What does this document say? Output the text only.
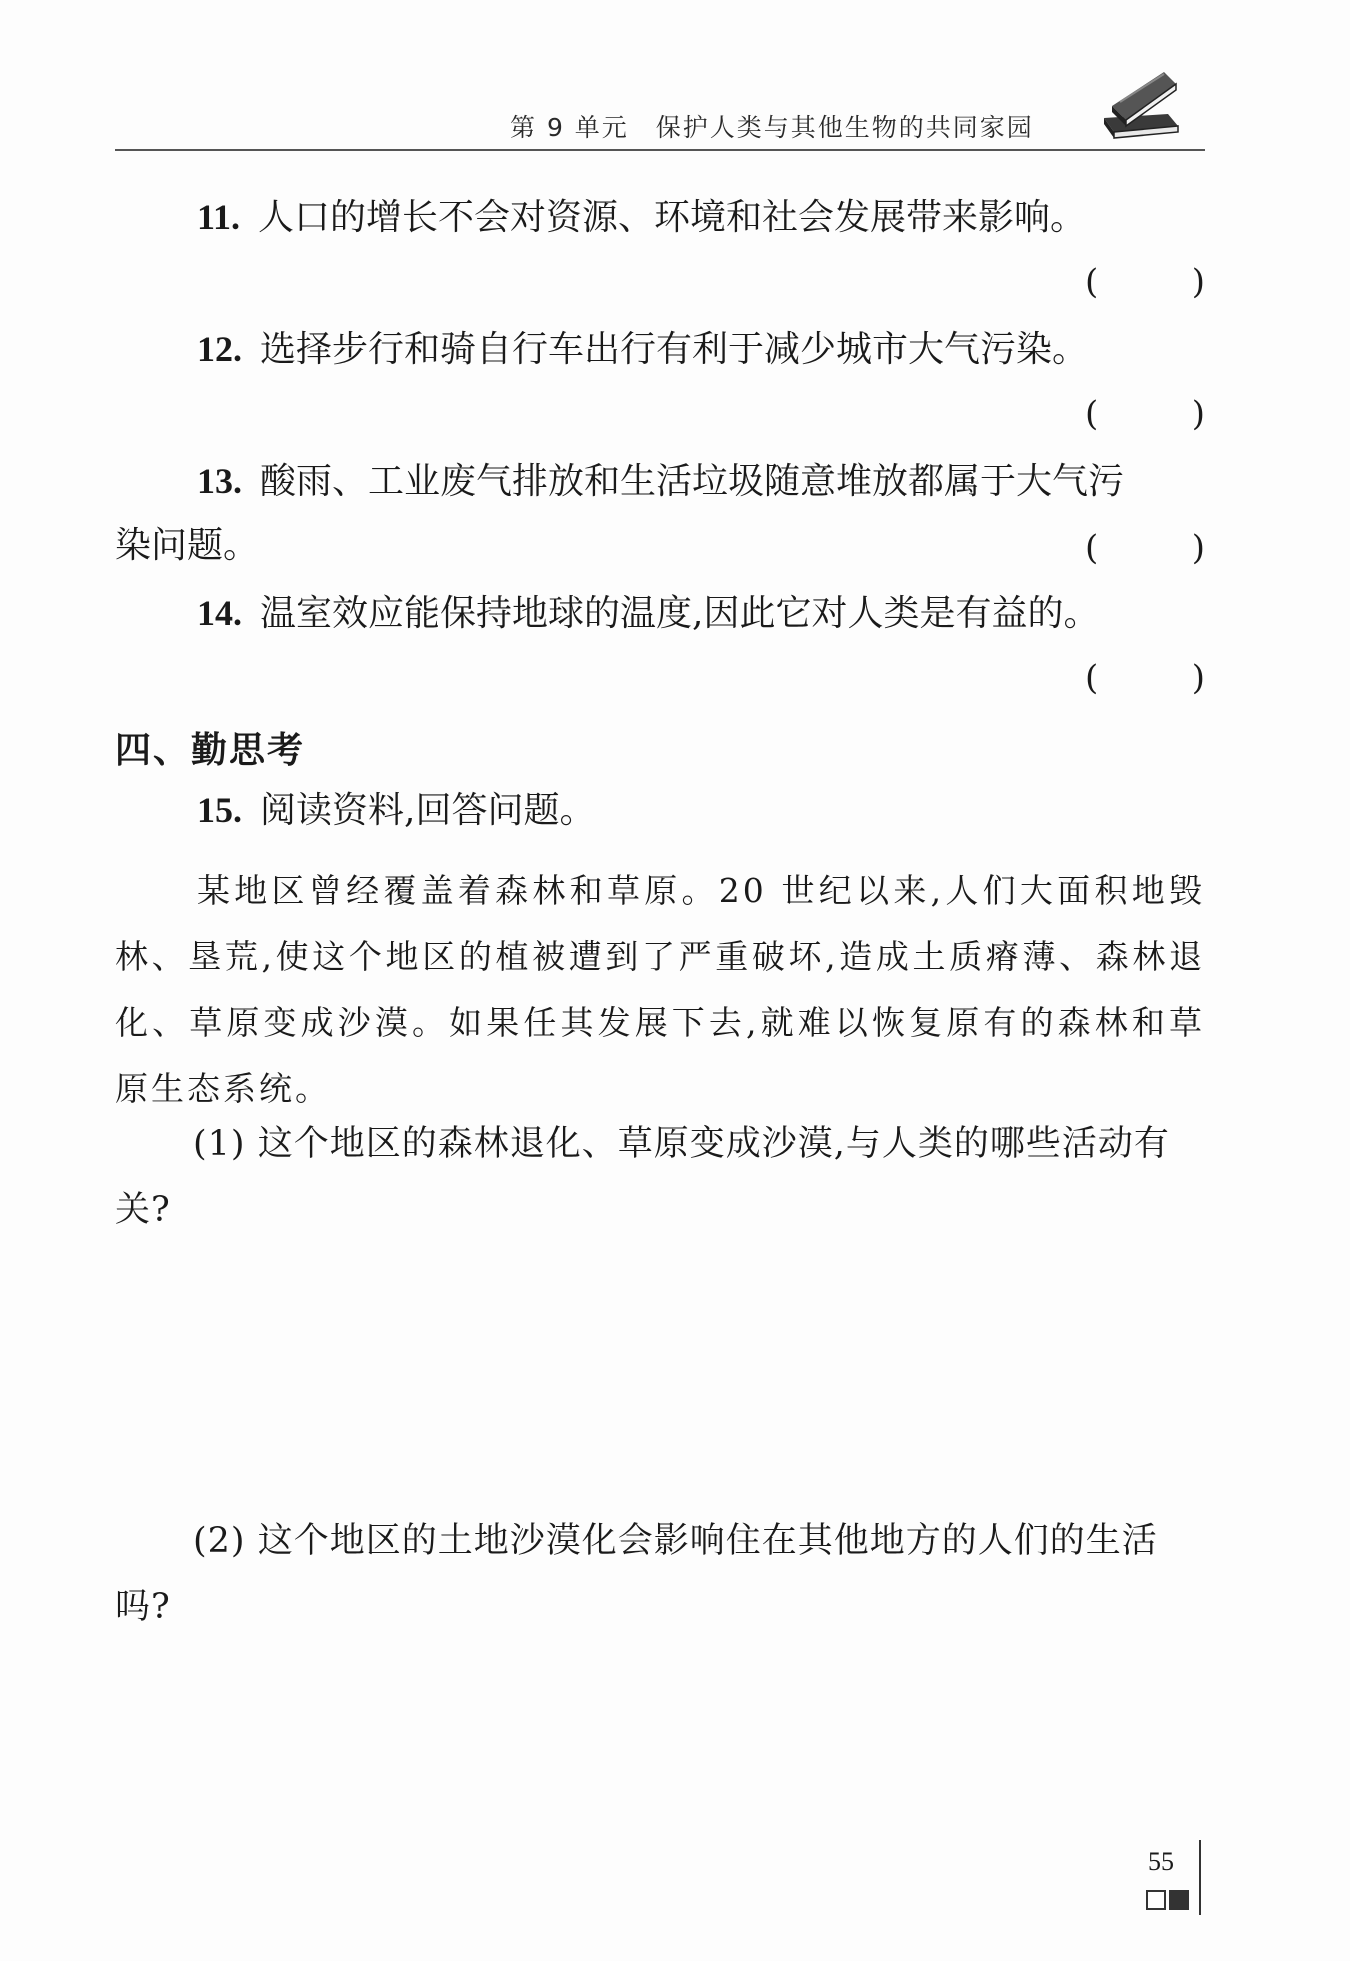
第 9 单元　保护人类与其他生物的共同家园
11. 人口的增长不会对资源、环境和社会发展带来影响。
(	)
12. 选择步行和骑自行车出行有利于减少城市大气污染。
(	)
13. 酸雨、工业废气排放和生活垃圾随意堆放都属于大气污
染问题。	(	)
14. 温室效应能保持地球的温度,因此它对人类是有益的。
(	)
四、勤思考
15. 阅读资料,回答问题。
某地区曾经覆盖着森林和草原。20 世纪以来,人们大面积地毁林、垦荒,使这个地区的植被遭到了严重破坏,造成土质瘠薄、森林退化、草原变成沙漠。如果任其发展下去,就难以恢复原有的森林和草原生态系统。
(1) 这个地区的森林退化、草原变成沙漠,与人类的哪些活动有关?
(2) 这个地区的土地沙漠化会影响住在其他地方的人们的生活吗?
55
